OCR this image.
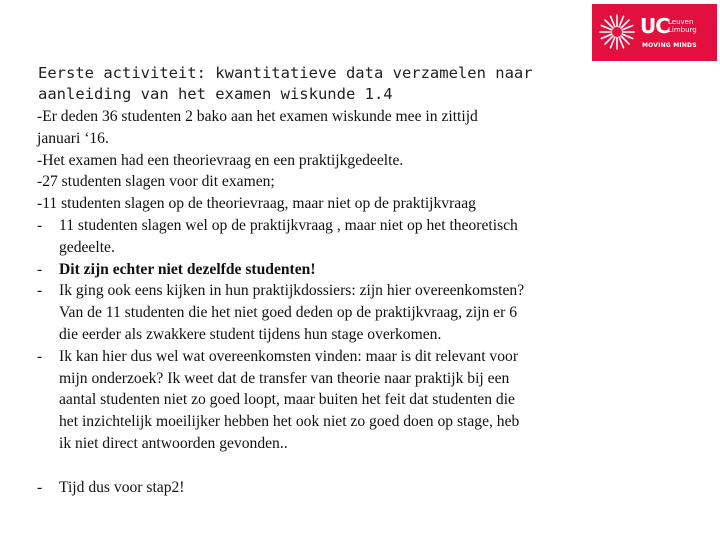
UC Leuven
Limburg
MOVING MINDS
Eerste activiteit: kwantitatieve data verzamelen naar
aanleiding van het examen wiskunde 1.4
-Er deden 36 studenten 2 bako aan het examen wiskunde mee in zittijd
januari ‘16.
-Het examen had een theorievraag en een praktijkgedeelte.
-27 studenten slagen voor dit examen;
-11 studenten slagen op de theorievraag, maar niet op de praktijkvraag
-	11 studenten slagen wel op de praktijkvraag , maar niet op het theoretisch
gedeelte.
-	Dit zijn echter niet dezelfde studenten!
-	Ik ging ook eens kijken in hun praktijkdossiers: zijn hier overeenkomsten?
Van de 11 studenten die het niet goed deden op de praktijkvraag, zijn er 6
die eerder als zwakkere student tijdens hun stage overkomen.
-	Ik kan hier dus wel wat overeenkomsten vinden: maar is dit relevant voor
mijn onderzoek? Ik weet dat de transfer van theorie naar praktijk bij een
aantal studenten niet zo goed loopt, maar buiten het feit dat studenten die
het inzichtelijk moeilijker hebben het ook niet zo goed doen op stage, heb
ik niet direct antwoorden gevonden..
-	Tijd dus voor stap2!
